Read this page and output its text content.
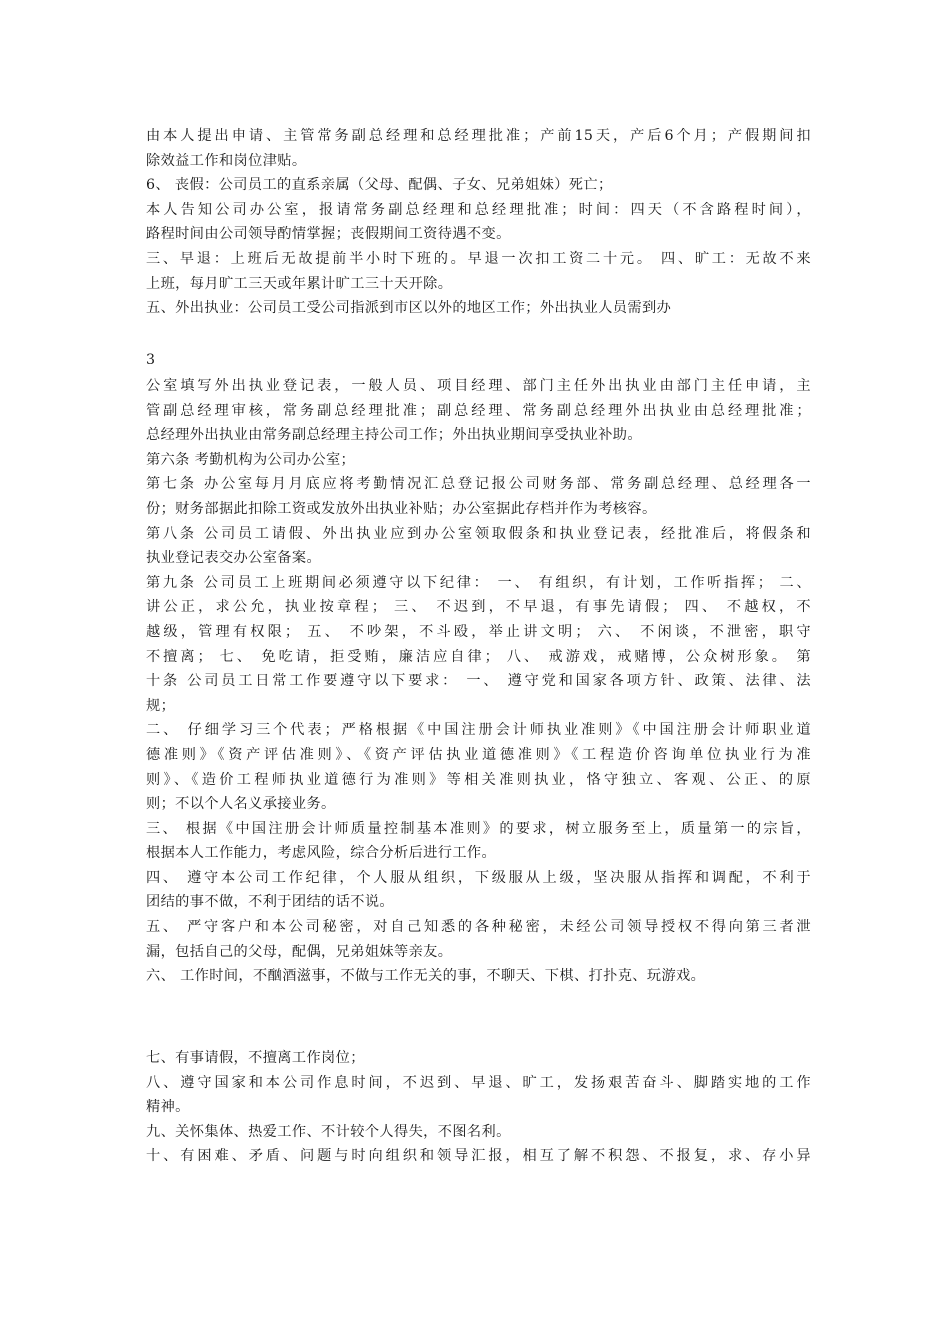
由本人提出申请、主管常务副总经理和总经理批准；产前15天，产后6个月；产假期间扣
除效益工作和岗位津贴。
6、 丧假：公司员工的直系亲属（父母、配偶、子女、兄弟姐妹）死亡；
本人告知公司办公室，报请常务副总经理和总经理批准；时间：四天（不含路程时间），
路程时间由公司领导酌情掌握；丧假期间工资待遇不变。
三、早退：上班后无故提前半小时下班的。早退一次扣工资二十元。 四、旷工：无故不来
上班，每月旷工三天或年累计旷工三十天开除。
五、外出执业：公司员工受公司指派到市区以外的地区工作；外出执业人员需到办
3
公室填写外出执业登记表，一般人员、项目经理、部门主任外出执业由部门主任申请，主
管副总经理审核，常务副总经理批准；副总经理、常务副总经理外出执业由总经理批准；
总经理外出执业由常务副总经理主持公司工作；外出执业期间享受执业补助。
第六条 考勤机构为公司办公室；
第七条 办公室每月月底应将考勤情况汇总登记报公司财务部、常务副总经理、总经理各一
份；财务部据此扣除工资或发放外出执业补贴；办公室据此存档并作为考核容。
第八条 公司员工请假、外出执业应到办公室领取假条和执业登记表，经批准后，将假条和
执业登记表交办公室备案。
第九条 公司员工上班期间必须遵守以下纪律： 一、 有组织，有计划，工作听指挥； 二、
讲公正，求公允，执业按章程； 三、 不迟到，不早退，有事先请假； 四、 不越权，不
越级，管理有权限； 五、 不吵架，不斗殴，举止讲文明； 六、 不闲谈，不泄密，职守
不擅离； 七、 免吃请，拒受贿，廉洁应自律； 八、 戒游戏，戒赌博，公众树形象。 第
十条 公司员工日常工作要遵守以下要求： 一、 遵守党和国家各项方针、政策、法律、法
规；
二、 仔细学习三个代表；严格根据《中国注册会计师执业准则》《中国注册会计师职业道
德准则》《资产评估准则》、《资产评估执业道德准则》《工程造价咨询单位执业行为准
则》、《造价工程师执业道德行为准则》等相关准则执业，恪守独立、客观、公正、的原
则；不以个人名义承接业务。
三、 根据《中国注册会计师质量控制基本准则》的要求，树立服务至上，质量第一的宗旨，
根据本人工作能力，考虑风险，综合分析后进行工作。
四、 遵守本公司工作纪律，个人服从组织，下级服从上级，坚决服从指挥和调配，不利于
团结的事不做，不利于团结的话不说。
五、 严守客户和本公司秘密，对自己知悉的各种秘密，未经公司领导授权不得向第三者泄
漏，包括自己的父母，配偶，兄弟姐妹等亲友。
六、 工作时间，不酗酒滋事，不做与工作无关的事，不聊天、下棋、打扑克、玩游戏。
七、有事请假，不擅离工作岗位；
八、遵守国家和本公司作息时间，不迟到、早退、旷工，发扬艰苦奋斗、脚踏实地的工作
精神。
九、关怀集体、热爱工作、不计较个人得失，不图名利。
十、有困难、矛盾、问题与时向组织和领导汇报，相互了解不积怨、不报复，求、存小异
